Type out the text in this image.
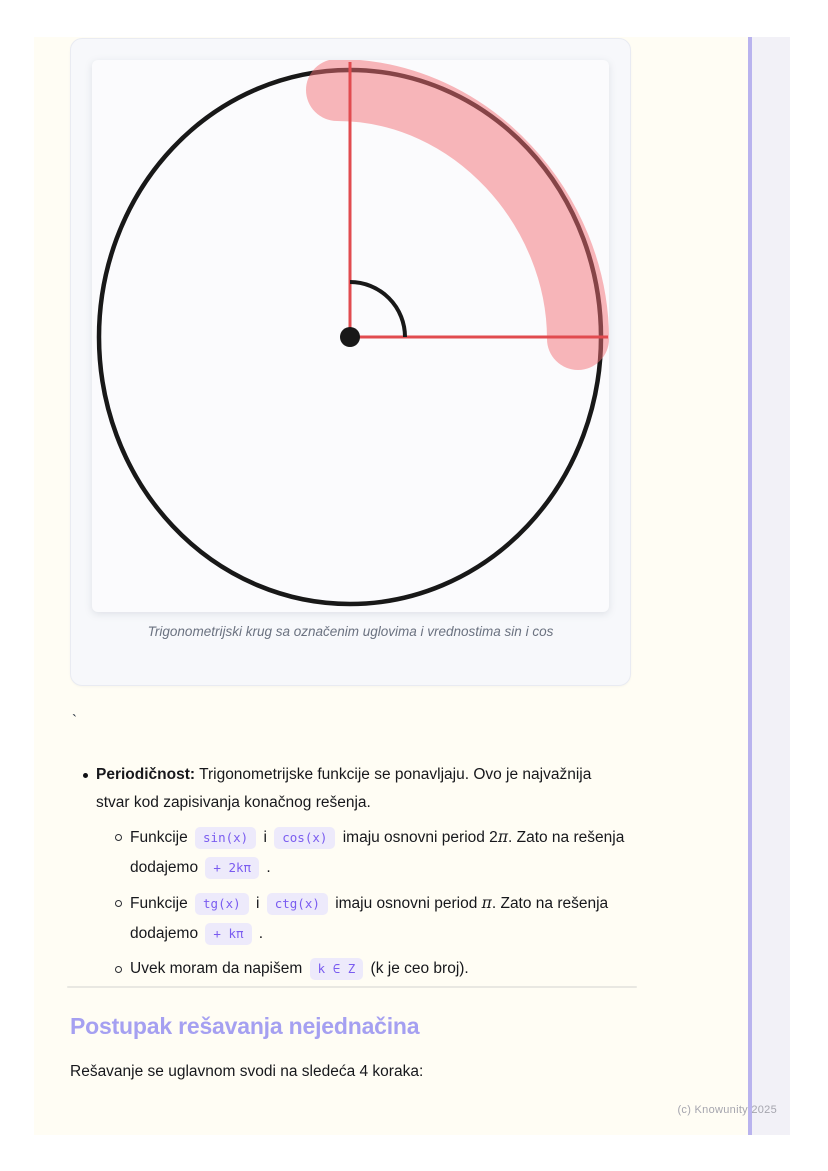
Trigonometrijski krug sa označenim uglovima i vrednostima sin i cos
`
Periodičnost: Trigonometrijske funkcije se ponavljaju. Ovo je najvažnija
stvar kod zapisivanja konačnog rešenja.
Funkcije sin(x) i cos(x) imaju osnovni period 2π. Zato na rešenja
dodajemo + 2kπ .
Funkcije tg(x) i ctg(x) imaju osnovni period π. Zato na rešenja
dodajemo + kπ .
Uvek moram da napišem k ∈ Z (k je ceo broj).
Postupak rešavanja nejednačina
Rešavanje se uglavnom svodi na sledeća 4 koraka:
(c) Knowunity 2025
